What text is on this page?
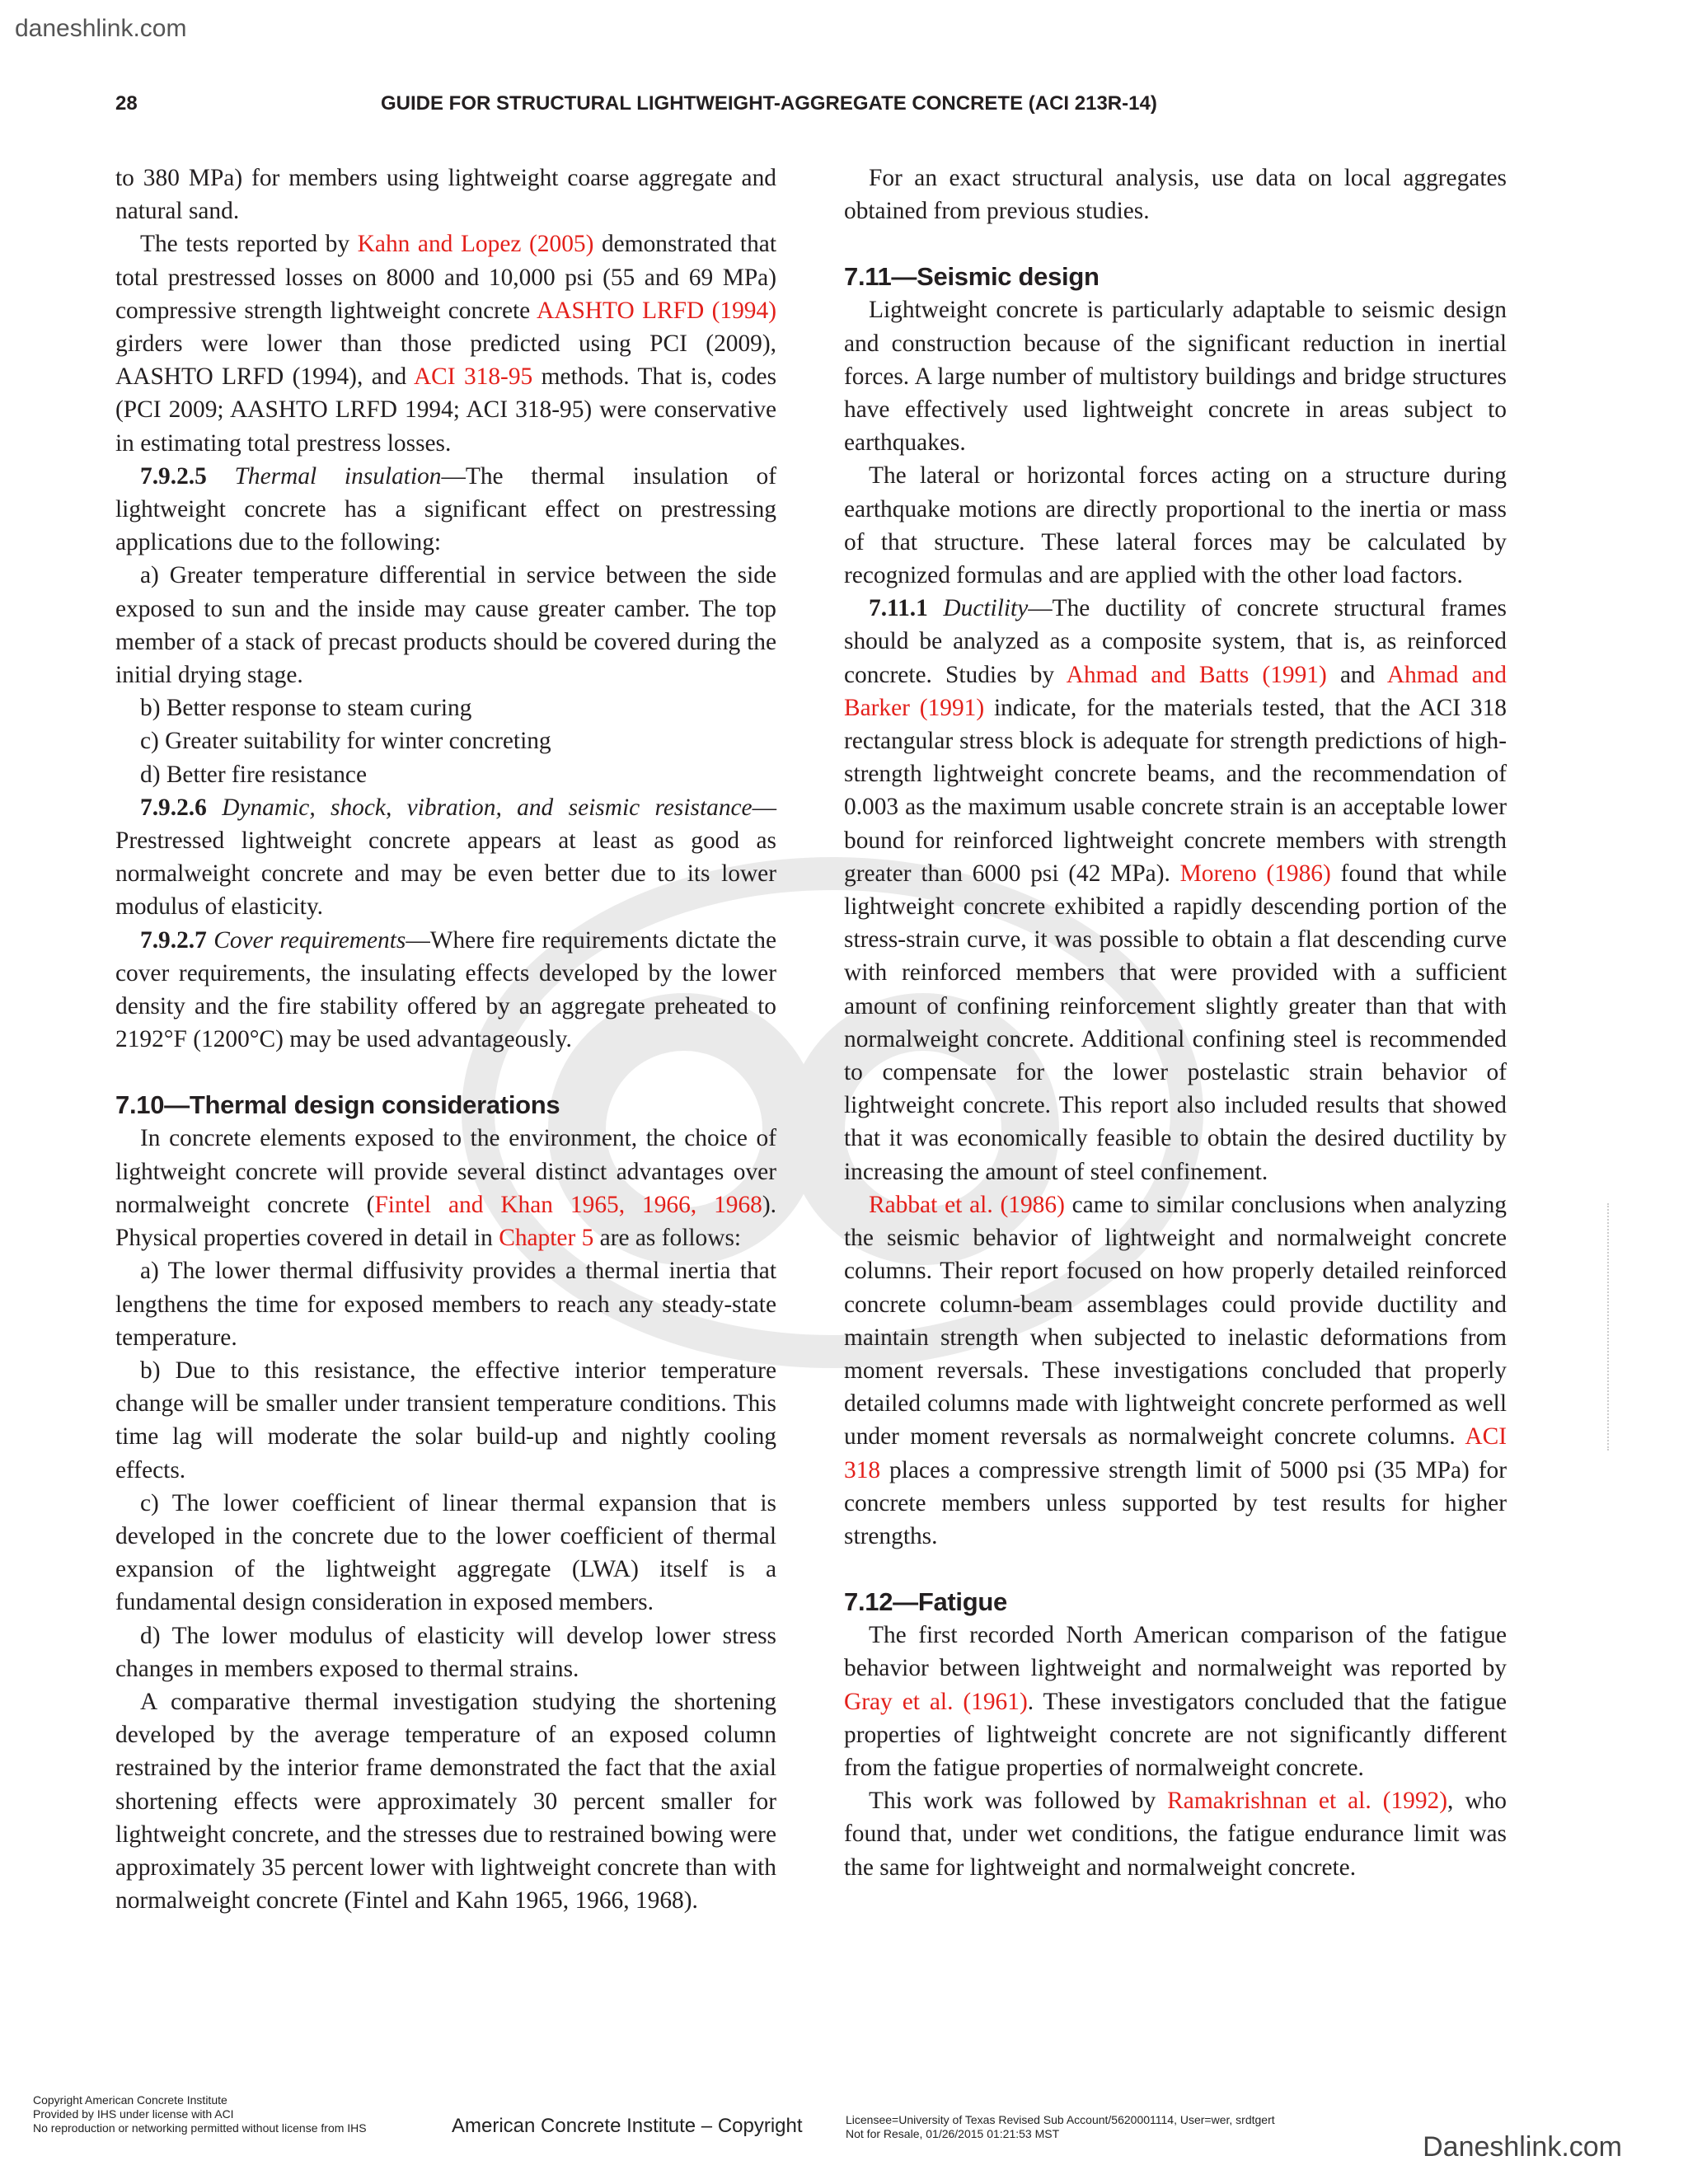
daneshlink.com
28	GUIDE FOR STRUCTURAL LIGHTWEIGHT-AGGREGATE CONCRETE (ACI 213R-14)

to 380 MPa) for members using lightweight coarse aggregate and natural sand.

The tests reported by Kahn and Lopez (2005) demonstrated that total prestressed losses on 8000 and 10,000 psi (55 and 69 MPa) compressive strength lightweight concrete AASHTO LRFD (1994) girders were lower than those predicted using PCI (2009), AASHTO LRFD (1994), and ACI 318-95 methods. That is, codes (PCI 2009; AASHTO LRFD 1994; ACI 318-95) were conservative in estimating total prestress losses.

7.9.2.5 Thermal insulation—The thermal insulation of lightweight concrete has a significant effect on prestressing applications due to the following:

a) Greater temperature differential in service between the side exposed to sun and the inside may cause greater camber. The top member of a stack of precast products should be covered during the initial drying stage.

b) Better response to steam curing

c) Greater suitability for winter concreting

d) Better fire resistance

7.9.2.6 Dynamic, shock, vibration, and seismic resistance—Prestressed lightweight concrete appears at least as good as normalweight concrete and may be even better due to its lower modulus of elasticity.

7.9.2.7 Cover requirements—Where fire requirements dictate the cover requirements, the insulating effects developed by the lower density and the fire stability offered by an aggregate preheated to 2192°F (1200°C) may be used advantageously.

7.10—Thermal design considerations

In concrete elements exposed to the environment, the choice of lightweight concrete will provide several distinct advantages over normalweight concrete (Fintel and Khan 1965, 1966, 1968). Physical properties covered in detail in Chapter 5 are as follows:

a) The lower thermal diffusivity provides a thermal inertia that lengthens the time for exposed members to reach any steady-state temperature.

b) Due to this resistance, the effective interior temperature change will be smaller under transient temperature conditions. This time lag will moderate the solar build-up and nightly cooling effects.

c) The lower coefficient of linear thermal expansion that is developed in the concrete due to the lower coefficient of thermal expansion of the lightweight aggregate (LWA) itself is a fundamental design consideration in exposed members.

d) The lower modulus of elasticity will develop lower stress changes in members exposed to thermal strains.

A comparative thermal investigation studying the shortening developed by the average temperature of an exposed column restrained by the interior frame demonstrated the fact that the axial shortening effects were approximately 30 percent smaller for lightweight concrete, and the stresses due to restrained bowing were approximately 35 percent lower with lightweight concrete than with normalweight concrete (Fintel and Kahn 1965, 1966, 1968).

For an exact structural analysis, use data on local aggregates obtained from previous studies.

7.11—Seismic design

Lightweight concrete is particularly adaptable to seismic design and construction because of the significant reduction in inertial forces. A large number of multistory buildings and bridge structures have effectively used lightweight concrete in areas subject to earthquakes.

The lateral or horizontal forces acting on a structure during earthquake motions are directly proportional to the inertia or mass of that structure. These lateral forces may be calculated by recognized formulas and are applied with the other load factors.

7.11.1 Ductility—The ductility of concrete structural frames should be analyzed as a composite system, that is, as reinforced concrete. Studies by Ahmad and Batts (1991) and Ahmad and Barker (1991) indicate, for the materials tested, that the ACI 318 rectangular stress block is adequate for strength predictions of high-strength lightweight concrete beams, and the recommendation of 0.003 as the maximum usable concrete strain is an acceptable lower bound for reinforced lightweight concrete members with strength greater than 6000 psi (42 MPa). Moreno (1986) found that while lightweight concrete exhibited a rapidly descending portion of the stress-strain curve, it was possible to obtain a flat descending curve with reinforced members that were provided with a sufficient amount of confining reinforcement slightly greater than that with normalweight concrete. Additional confining steel is recommended to compensate for the lower postelastic strain behavior of lightweight concrete. This report also included results that showed that it was economically feasible to obtain the desired ductility by increasing the amount of steel confinement.

Rabbat et al. (1986) came to similar conclusions when analyzing the seismic behavior of lightweight and normalweight concrete columns. Their report focused on how properly detailed reinforced concrete column-beam assemblages could provide ductility and maintain strength when subjected to inelastic deformations from moment reversals. These investigations concluded that properly detailed columns made with lightweight concrete performed as well under moment reversals as normalweight concrete columns. ACI 318 places a compressive strength limit of 5000 psi (35 MPa) for concrete members unless supported by test results for higher strengths.

7.12—Fatigue

The first recorded North American comparison of the fatigue behavior between lightweight and normalweight was reported by Gray et al. (1961). These investigators concluded that the fatigue properties of lightweight concrete are not significantly different from the fatigue properties of normalweight concrete.

This work was followed by Ramakrishnan et al. (1992), who found that, under wet conditions, the fatigue endurance limit was the same for lightweight and normalweight concrete.

Copyright American Concrete Institute
Provided by IHS under license with ACI
No reproduction or networking permitted without license from IHS	American Concrete Institute – Copyright	Licensee=University of Texas Revised Sub Account/5620001114, User=wer, srdtgert
Not for Resale, 01/26/2015 01:21:53 MST	Daneshlink.com
